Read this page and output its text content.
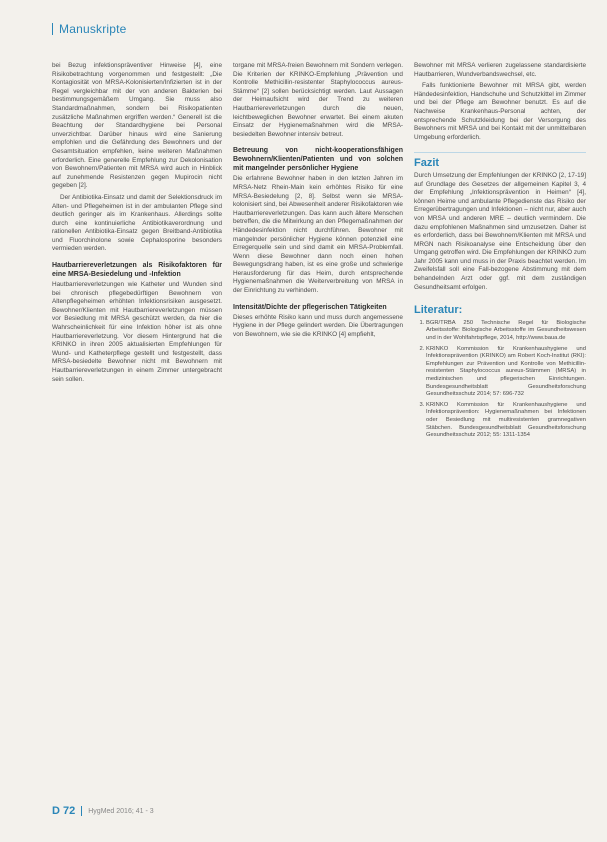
Manuskripte

bei Bezug infektionspräventiver Hinweise [4], eine Risikobetrachtung vorgenommen und festgestellt: „Die Kontagiosität von MRSA-Kolonisierten/Infizierten ist in der Regel vergleichbar mit der von anderen Bakterien bei bestimmungsgemäßem Umgang. Sie muss also Standardmaßnahmen, sondern bei Risikopatienten zusätzliche Maßnahmen ergriffen werden.“ Generell ist die Beachtung der Standardhygiene bei Personal unverzichtbar. Darüber hinaus wird eine Sanierung empfohlen und die Gefährdung des Bewohners und der Gesamtsituation empfehlen, keine weiteren Maßnahmen erforderlich. Eine generelle Empfehlung zur Dekolonisation von Bewohnern/Patienten mit MRSA wird auch in Hinblick auf zunehmende Resistenzen gegen Mupirocin nicht gegeben [2].

Der Antibiotika-Einsatz und damit der Selektionsdruck im Alten- und Pflegeheimen ist in der ambulanten Pflege sind deutlich geringer als im Krankenhaus. Allerdings sollte durch eine kontinuierliche Antibiotikaverordnung und rationellen Antibiotika-Einsatz gegen Breitband-Antibiotika und Fluorchinolone sowie Cephalosporine besonders vermieden werden.

Hautbarriereverletzungen als Risikofaktoren für eine MRSA-Besiedelung und -Infektion

Hautbarriereverletzungen wie Katheter und Wunden sind bei chronisch pflegebedürftigen Bewohnern von Altenpflegeheimen erhöhten Infektionsrisiken ausgesetzt. Bewohner/Klienten mit Hautbarriereverletzungen müssen vor Besiedlung mit MRSA geschützt werden, da hier die Wahrscheinlichkeit für eine Infektion höher ist als ohne Hautbarriereverletzung. Vor diesem Hintergrund hat die KRINKO in ihren 2005 aktualisierten Empfehlungen für Wund- und Katheterpflege gestellt und festgestellt, dass MRSA-besiedelte Bewohner nicht mit Bewohnern mit Hautbarriereverletzungen in einem Zimmer untergebracht sein sollen.

torgane mit MRSA-freien Bewohnern mit Sondern verlegen. Die Kriterien der KRINKO-Empfehlung „Prävention und Kontrolle Methicillin-resistenter Staphylococcus aureus-Stämme“ [2] sollen berücksichtigt werden. Laut Aussagen der Heimaufsicht wird der Trend zu weiteren Hautbarriereverletzungen durch die neuen, leichtbeweglichen Bewohner erwartet. Bei einem akuten Einsatz der Hygienemaßnahmen wird die MRSA-besiedelten Bewohner intensiv betreut.

Betreuung von nicht-kooperationsfähigen Bewohnern/Klienten/Patienten und von solchen mit mangelnder persönlicher Hygiene

Die erfahrene Bewohner haben in den letzten Jahren im MRSA-Netz Rhein-Main kein erhöhtes Risiko für eine MRSA-Besiedelung [2, 8]. Selbst wenn sie MRSA-kolonisiert sind, bei Abwesenheit anderer Risikofaktoren wie Hautbarriereverletzungen. Das kann auch ältere Menschen betreffen, die die Mitwirkung an den Pflegemaßnahmen der Händedesinfektion nicht durchführen. Bewohner mit mangelnder persönlicher Hygiene können potenziell eine Erregerquelle sein und sind damit ein MRSA-Problemfall. Wenn diese Bewohner dann noch einen hohen Bewegungsdrang haben, ist es eine große und schwierige Herausforderung für das Heim, durch entsprechende Hygienemaßnahmen die Weiterverbreitung von MRSA in der Einrichtung zu verhindern.

Intensität/Dichte der pflegerischen Tätigkeiten

Dieses erhöhte Risiko kann und muss durch angemessene Hygiene in der Pflege gelindert werden. Die Übertragungen von Bewohnern, wie sie die KRINKO [4] empfiehlt,

Bewohner mit MRSA verlieren zugelassene standardisierte Hautbarrieren, Wundverbandswechsel, etc.

Falls funktionierte Bewohner mit MRSA gibt, werden Händedesinfektion, Handschuhe und Schutzkittel im Zimmer und bei der Pflege am Bewohner benutzt. Es auf die Nachweise Krankenhaus-Personal achten, der entsprechende Schutzkleidung bei der Versorgung des Bewohners mit MRSA und bei Kontakt mit der unmittelbaren Umgebung erforderlich.

Fazit

Durch Umsetzung der Empfehlungen der KRINKO [2, 17-19] auf Grundlage des Gesetzes der allgemeinen Kapitel 3, 4 der Empfehlung „Infektionsprävention in Heimen“ [4], können Heime und ambulante Pflegedienste das Risiko der Erregerübertragungen und Infektionen – nicht nur, aber auch von MRSA und anderen MRE – deutlich vermindern. Die dazu empfohlenen Maßnahmen sind umzusetzen. Daher ist es erforderlich, dass bei Bewohnern/Klienten mit MRSA und MRGN nach Risikoanalyse eine Entscheidung über den Umgang getroffen wird. Die Empfehlungen der KRINKO zum Jahr 2005 kann und muss in der Praxis beachtet werden. Im Zweifelsfall soll eine Fall-bezogene Abstimmung mit dem behandelnden Arzt oder ggf. mit dem zuständigen Gesundheitsamt erfolgen.

Literatur:
1. BGR/TRBA 250 Technische Regel für Biologische Arbeitsstoffe: Biologische Arbeitsstoffe im Gesundheitswesen und in der Wohlfahrtspflege, 2014, http://www.baua.de
2. KRINKO Kommission für Krankenhaushygiene und Infektionsprävention (KRINKO) am Robert Koch-Institut (RKI): Empfehlungen zur Prävention und Kontrolle von Methicillin-resistenten Staphylococcus aureus-Stämmen (MRSA) in medizinischen und pflegerischen Einrichtungen. Bundesgesundheitsblatt Gesundheitsforschung Gesundheitsschutz 2014; 57: 696-732
3. KRINKO Kommission für Krankenhaushygiene und Infektionsprävention: Hygienemaßnahmen bei Infektionen oder Besiedlung mit multiresistenten gramnegativen Stäbchen. Bundesgesundheitsblatt Gesundheitsforschung Gesundheitsschutz 2012; 55: 1311-1354
D 72 HygMed 2016; 41 - 3
